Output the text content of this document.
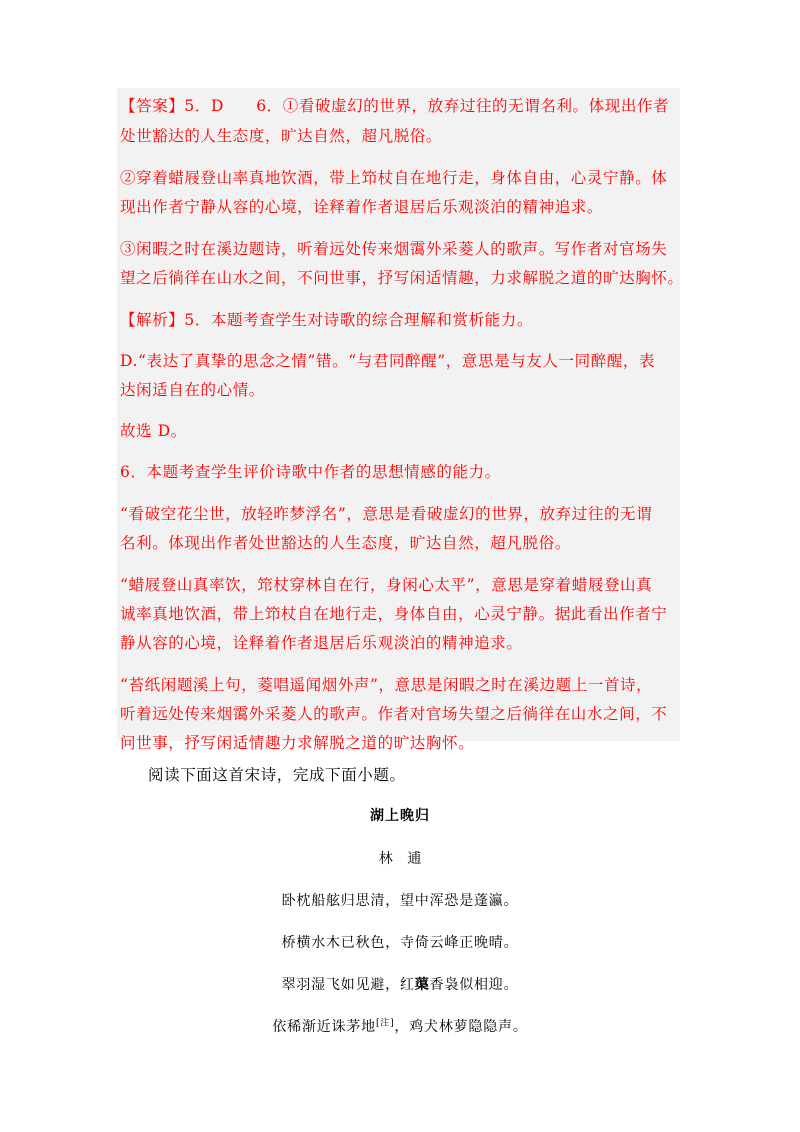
【答案】5．D　　6．①看破虚幻的世界，放弃过往的无谓名利。体现出作者
处世豁达的人生态度，旷达自然，超凡脱俗。
②穿着蜡屐登山率真地饮酒，带上笻杖自在地行走，身体自由，心灵宁静。体
现出作者宁静从容的心境，诠释着作者退居后乐观淡泊的精神追求。
③闲暇之时在溪边题诗，听着远处传来烟霭外采菱人的歌声。写作者对官场失
望之后徜徉在山水之间，不问世事，抒写闲适情趣，力求解脱之道的旷达胸怀。
【解析】5．本题考查学生对诗歌的综合理解和赏析能力。
D.“表达了真挚的思念之情”错。“与君同醉醒”，意思是与友人一同醉醒，表
达闲适自在的心情。
故选 D。
6．本题考查学生评价诗歌中作者的思想情感的能力。
“看破空花尘世，放轻昨梦浮名”，意思是看破虚幻的世界，放弃过往的无谓
名利。体现出作者处世豁达的人生态度，旷达自然，超凡脱俗。
“蜡屐登山真率饮，筇杖穿林自在行，身闲心太平”，意思是穿着蜡屐登山真
诚率真地饮酒，带上笻杖自在地行走，身体自由，心灵宁静。据此看出作者宁
静从容的心境，诠释着作者退居后乐观淡泊的精神追求。
“苔纸闲题溪上句，菱唱遥闻烟外声”，意思是闲暇之时在溪边题上一首诗，
听着远处传来烟霭外采菱人的歌声。作者对官场失望之后徜徉在山水之间，不
问世事，抒写闲适情趣力求解脱之道的旷达胸怀。
阅读下面这首宋诗，完成下面小题。
湖上晚归
林 逋
卧枕船舷归思清，望中浑恐是蓬瀛。
桥横水木已秋色，寺倚云峰正晚晴。
翠羽湿飞如见避，红蕖香袅似相迎。
依稀渐近诛茅地[注]，鸡犬林萝隐隐声。
